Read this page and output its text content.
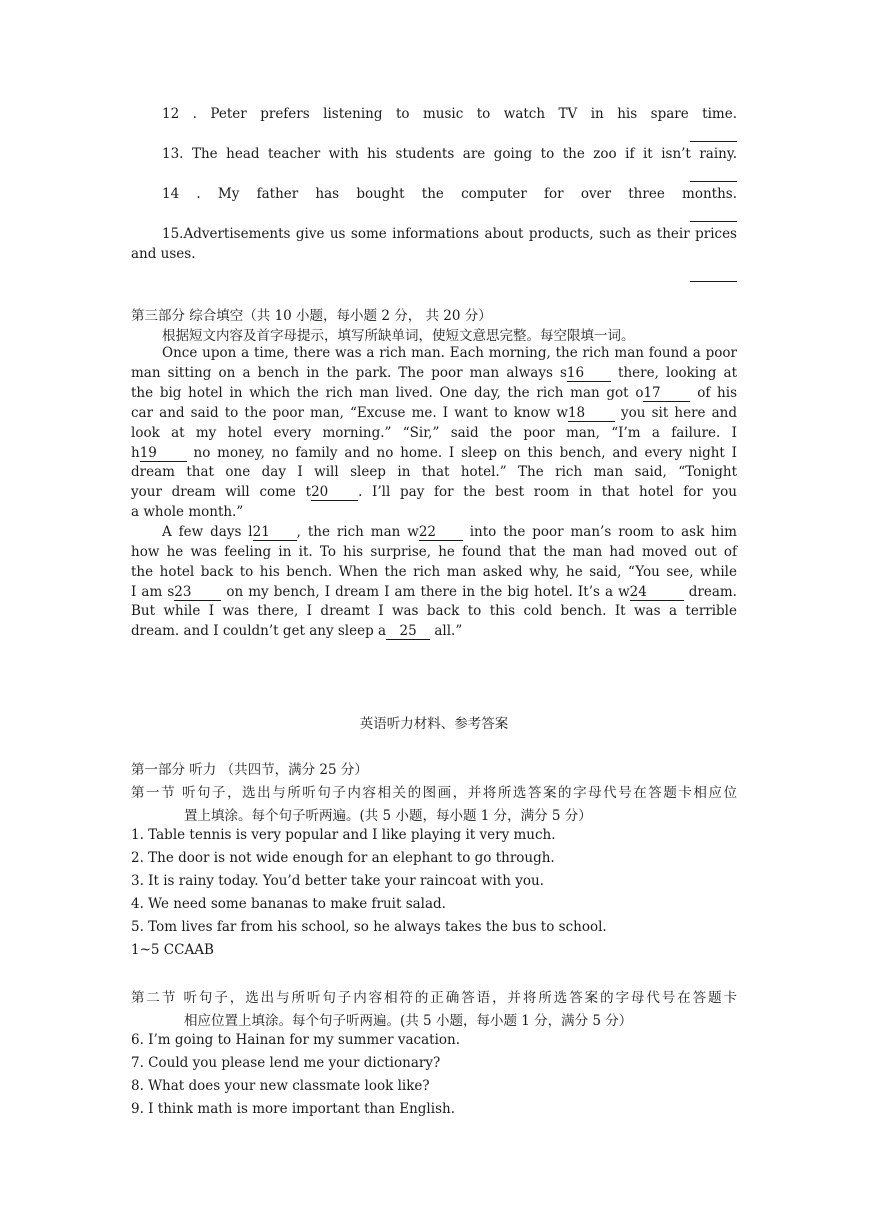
12 . Peter prefers listening to music to watch TV in his spare time.
13. The head teacher with his students are going to the zoo if it isn’t rainy.
14 . My father has bought the computer for over three months.
15.Advertisements give us some informations about products, such as their prices
and uses.
第三部分 综合填空（共 10 小题，每小题 2 分， 共 20 分）
根据短文内容及首字母提示，填写所缺单词，使短文意思完整。每空限填一词。
Once upon a time, there was a rich man. Each morning, the rich man found a poor
man sitting on a bench in the park. The poor man always s16 there, looking at
the big hotel in which the rich man lived. One day, the rich man got o17 of his
car and said to the poor man, “Excuse me. I want to know w18 you sit here and
look at my hotel every morning.” “Sir,” said the poor man, “I’m a failure. I
h19 no money, no family and no home. I sleep on this bench, and every night I
dream that one day I will sleep in that hotel.” The rich man said, “Tonight
your dream will come t20 . I’ll pay for the best room in that hotel for you
a whole month.”
A few days l21 , the rich man w22 into the poor man’s room to ask him
how he was feeling in it. To his surprise, he found that the man had moved out of
the hotel back to his bench. When the rich man asked why, he said, “You see, while
I am s23 on my bench, I dream I am there in the big hotel. It’s a w24	dream.
But while I was there, I dreamt I was back to this cold bench. It was a terrible
dream. and I couldn’t get any sleep a 25 all.”
英语听力材料、参考答案
第一部分 听力 （共四节，满分 25 分）
第一节 听句子，选出与所听句子内容相关的图画，并将所选答案的字母代号在答题卡相应位
置上填涂。每个句子听两遍。(共 5 小题，每小题 1 分，满分 5 分）
1. Table tennis is very popular and I like playing it very much.
2. The door is not wide enough for an elephant to go through.
3. It is rainy today. You’d better take your raincoat with you.
4. We need some bananas to make fruit salad.
5. Tom lives far from his school, so he always takes the bus to school.
1~5 CCAAB
第二节 听句子，选出与所听句子内容相符的正确答语，并将所选答案的字母代号在答题卡
相应位置上填涂。每个句子听两遍。(共 5 小题，每小题 1 分，满分 5 分）
6. I’m going to Hainan for my summer vacation.
7. Could you please lend me your dictionary?
8. What does your new classmate look like?
9. I think math is more important than English.
